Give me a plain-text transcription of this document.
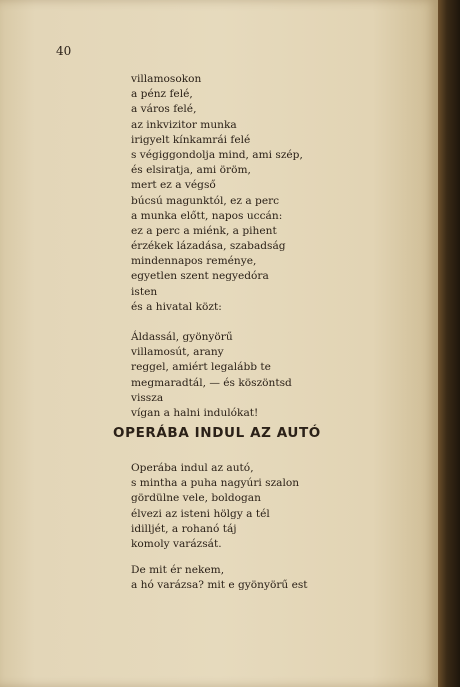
40
villamosokon
a pénz felé,
a város felé,
az inkvizitor munka
irigyelt kínkamrái felé
s végiggondolja mind, ami szép,
és elsiratja, ami öröm,
mert ez a végső
búcsú magunktól, ez a perc
a munka előtt, napos uccán:
ez a perc a miénk, a pihent
érzékek lázadása, szabadság
mindennapos reménye,
egyetlen szent negyedóra
isten
és a hivatal közt:
Áldassál, gyönyörű
villamosút, arany
reggel, amiért legalább te
megmaradtál, — és köszöntsd
vissza
vígan a halni indulókat!
OPERÁBA INDUL AZ AUTÓ
Operába indul az autó,
s mintha a puha nagyúri szalon
gördülne vele, boldogan
élvezi az isteni hölgy a tél
idilljét, a rohanó táj
komoly varázsát.
De mit ér nekem,
a hó varázsa? mit e gyönyörű est
